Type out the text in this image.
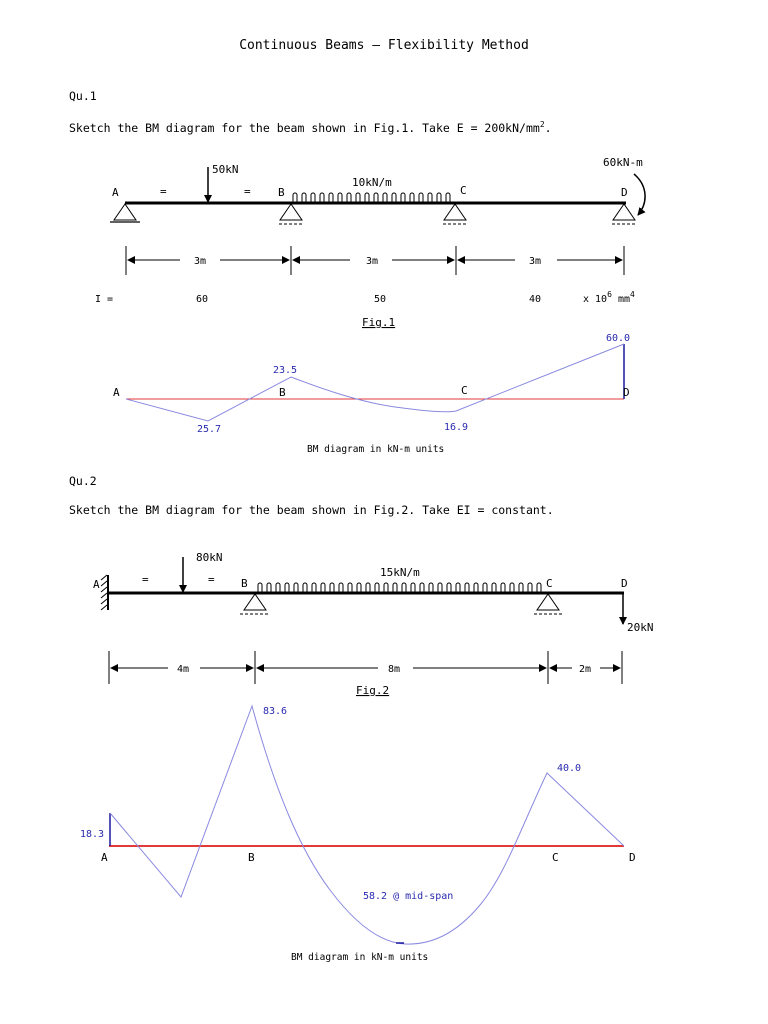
Continuous Beams – Flexibility Method
Qu.1
Sketch the BM diagram for the beam shown in Fig.1. Take $E = 200kN/mm^2$.
Qu.2
Sketch the BM diagram for the beam shown in Fig.2. Take EI = constant.
50kN
60kN-m
10kN/m
A	B	C	D
=	=
3m	3m	3m
I =	60	50	40	x $10^6$ $mm^4$
Fig.1
A	B	C	D
60.0
23.5
25.7	16.9
BM diagram in kN-m units
80kN
20kN
15kN/m
A	B	C	D
=	=
4m	8m	2m
Fig.2
A	B	C	D
83.6
40.0
18.3
58.2 @ mid-span
BM diagram in kN-m units
